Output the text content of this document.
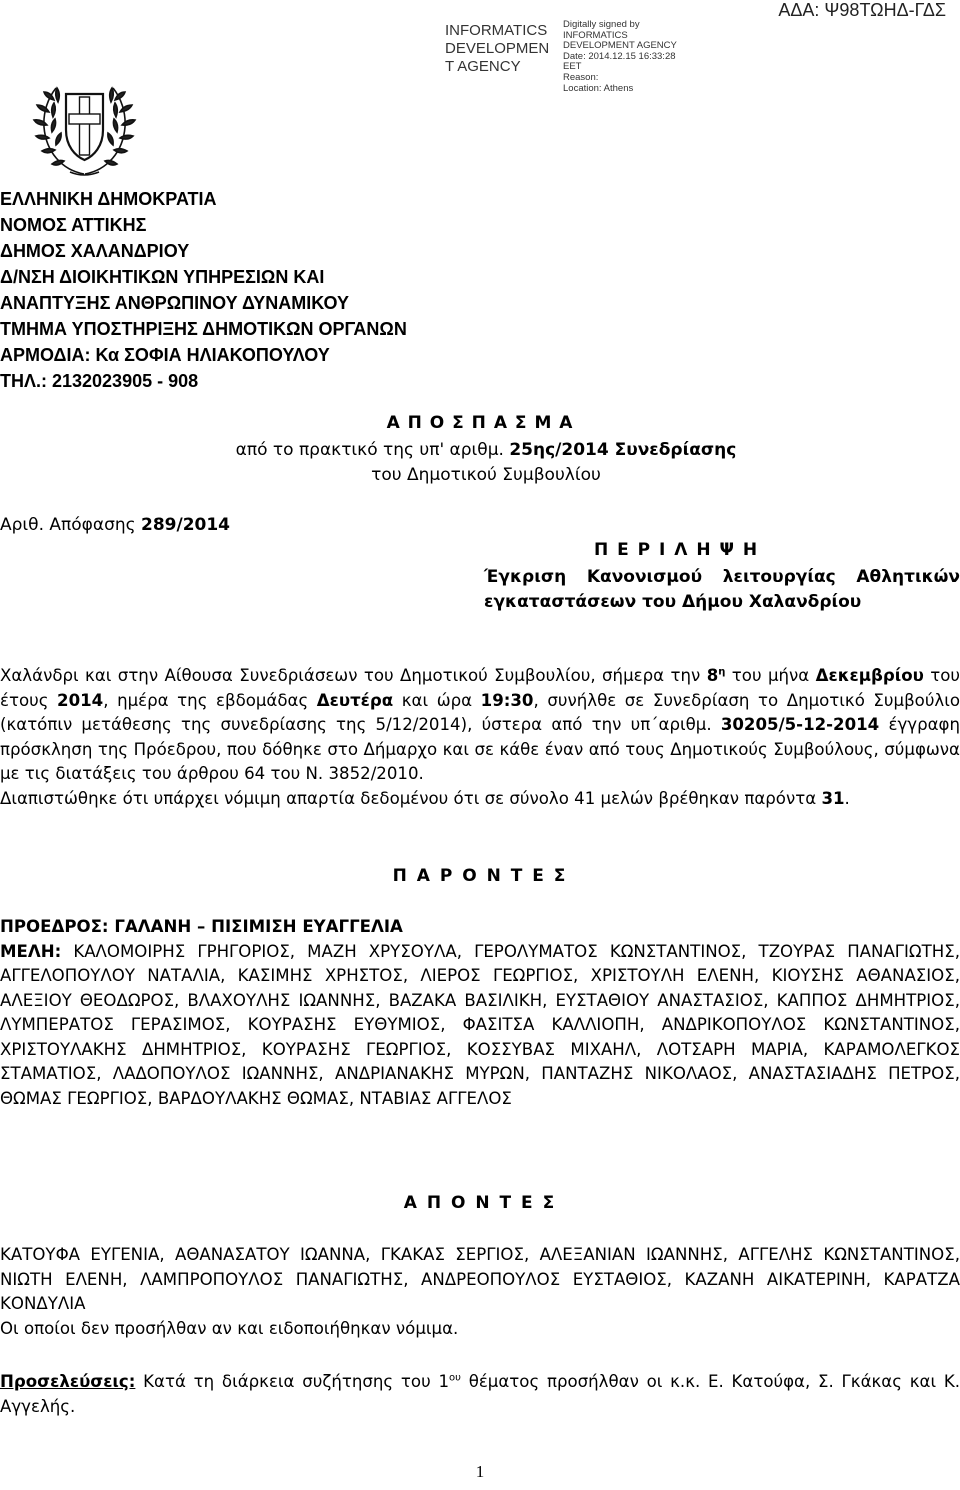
ΑΔΑ: Ψ98ΤΩΗΔ-ΓΔΣ
INFORMATICS
DEVELOPMEN
T AGENCY
Digitally signed by
INFORMATICS
DEVELOPMENT AGENCY
Date: 2014.12.15 16:33:28
EET
Reason:
Location: Athens
ΕΛΛΗΝΙΚΗ ΔΗΜΟΚΡΑΤΙΑ
ΝΟΜΟΣ ΑΤΤΙΚΗΣ
ΔΗΜΟΣ ΧΑΛΑΝΔΡΙΟΥ
Δ/ΝΣΗ ΔΙΟΙΚΗΤΙΚΩΝ ΥΠΗΡΕΣΙΩΝ ΚΑΙ
ΑΝΑΠΤΥΞΗΣ ΑΝΘΡΩΠΙΝΟΥ ΔΥΝΑΜΙΚΟΥ
ΤΜΗΜΑ ΥΠΟΣΤΗΡΙΞΗΣ ΔΗΜΟΤΙΚΩΝ ΟΡΓΑΝΩΝ
ΑΡΜΟΔΙΑ: Κα ΣΟΦΙΑ ΗΛΙΑΚΟΠΟΥΛΟΥ
ΤΗΛ.: 2132023905 - 908
Α Π Ο Σ Π Α Σ Μ Α
από το πρακτικό της υπ' αριθμ. 25ης/2014 Συνεδρίασης
του Δημοτικού Συμβουλίου
Αριθ. Απόφασης 289/2014
Π Ε Ρ Ι Λ Η Ψ Η
Έγκριση Κανονισμού λειτουργίας Αθλητικών εγκαταστάσεων του Δήμου Χαλανδρίου
Χαλάνδρι και στην Αίθουσα Συνεδριάσεων του Δημοτικού Συμβουλίου, σήμερα την $8^\eta$ του μήνα Δεκεμβρίου του έτους 2014, ημέρα της εβδομάδας Δευτέρα και ώρα 19:30, συνήλθε σε Συνεδρίαση το Δημοτικό Συμβούλιο (κατόπιν μετάθεσης της συνεδρίασης της 5/12/2014), ύστερα από την υπ΄αριθμ. 30205/5-12-2014 έγγραφη πρόσκληση της Πρόεδρου, που δόθηκε στο Δήμαρχο και σε κάθε έναν από τους Δημοτικούς Συμβούλους, σύμφωνα με τις διατάξεις του άρθρου 64 του Ν. 3852/2010.
Διαπιστώθηκε ότι υπάρχει νόμιμη απαρτία δεδομένου ότι σε σύνολο 41 μελών βρέθηκαν παρόντα 31.
Π Α Ρ Ο Ν Τ Ε Σ
ΠΡΟΕΔΡΟΣ: ΓΑΛΑΝΗ – ΠΙΣΙΜΙΣΗ ΕΥΑΓΓΕΛΙΑ
ΜΕΛΗ: ΚΑΛΟΜΟΙΡΗΣ ΓΡΗΓΟΡΙΟΣ, ΜΑΖΗ ΧΡΥΣΟΥΛΑ, ΓΕΡΟΛΥΜΑΤΟΣ ΚΩΝΣΤΑΝΤΙΝΟΣ, ΤΖΟΥΡΑΣ ΠΑΝΑΓΙΩΤΗΣ, ΑΓΓΕΛΟΠΟΥΛΟΥ ΝΑΤΑΛΙΑ, ΚΑΣΙΜΗΣ ΧΡΗΣΤΟΣ, ΛΙΕΡΟΣ ΓΕΩΡΓΙΟΣ, ΧΡΙΣΤΟΥΛΗ ΕΛΕΝΗ, ΚΙΟΥΣΗΣ ΑΘΑΝΑΣΙΟΣ, ΑΛΕΞΙΟΥ ΘΕΟΔΩΡΟΣ, ΒΛΑΧΟΥΛΗΣ ΙΩΑΝΝΗΣ, ΒΑΖΑΚΑ ΒΑΣΙΛΙΚΗ, ΕΥΣΤΑΘΙΟΥ ΑΝΑΣΤΑΣΙΟΣ, ΚΑΠΠΟΣ ΔΗΜΗΤΡΙΟΣ, ΛΥΜΠΕΡΑΤΟΣ ΓΕΡΑΣΙΜΟΣ, ΚΟΥΡΑΣΗΣ ΕΥΘΥΜΙΟΣ, ΦΑΣΙΤΣΑ ΚΑΛΛΙΟΠΗ, ΑΝΔΡΙΚΟΠΟΥΛΟΣ ΚΩΝΣΤΑΝΤΙΝΟΣ, ΧΡΙΣΤΟΥΛΑΚΗΣ ΔΗΜΗΤΡΙΟΣ, ΚΟΥΡΑΣΗΣ ΓΕΩΡΓΙΟΣ, ΚΟΣΣΥΒΑΣ ΜΙΧΑΗΛ, ΛΟΤΣΑΡΗ ΜΑΡΙΑ, ΚΑΡΑΜΟΛΕΓΚΟΣ ΣΤΑΜΑΤΙΟΣ, ΛΑΔΟΠΟΥΛΟΣ ΙΩΑΝΝΗΣ, ΑΝΔΡΙΑΝΑΚΗΣ ΜΥΡΩΝ, ΠΑΝΤΑΖΗΣ ΝΙΚΟΛΑΟΣ, ΑΝΑΣΤΑΣΙΑΔΗΣ ΠΕΤΡΟΣ, ΘΩΜΑΣ ΓΕΩΡΓΙΟΣ, ΒΑΡΔΟΥΛΑΚΗΣ ΘΩΜΑΣ, ΝΤΑΒΙΑΣ ΑΓΓΕΛΟΣ
Α Π Ο Ν Τ Ε Σ
ΚΑΤΟΥΦΑ ΕΥΓΕΝΙΑ, ΑΘΑΝΑΣΑΤΟΥ ΙΩΑΝΝΑ, ΓΚΑΚΑΣ ΣΕΡΓΙΟΣ, ΑΛΕΞΑΝΙΑΝ ΙΩΑΝΝΗΣ, ΑΓΓΕΛΗΣ ΚΩΝΣΤΑΝΤΙΝΟΣ, ΝΙΩΤΗ ΕΛΕΝΗ, ΛΑΜΠΡΟΠΟΥΛΟΣ ΠΑΝΑΓΙΩΤΗΣ, ΑΝΔΡΕΟΠΟΥΛΟΣ ΕΥΣΤΑΘΙΟΣ, ΚΑΖΑΝΗ ΑΙΚΑΤΕΡΙΝΗ, ΚΑΡΑΤΖΑ ΚΟΝΔΥΛΙΑ
Οι οποίοι δεν προσήλθαν αν και ειδοποιήθηκαν νόμιμα.
Προσελεύσεις: Κατά τη διάρκεια συζήτησης του $1^{o\upsilon}$ θέματος προσήλθαν οι κ.κ. Ε. Κατούφα, Σ. Γκάκας και Κ. Αγγελής.
1
